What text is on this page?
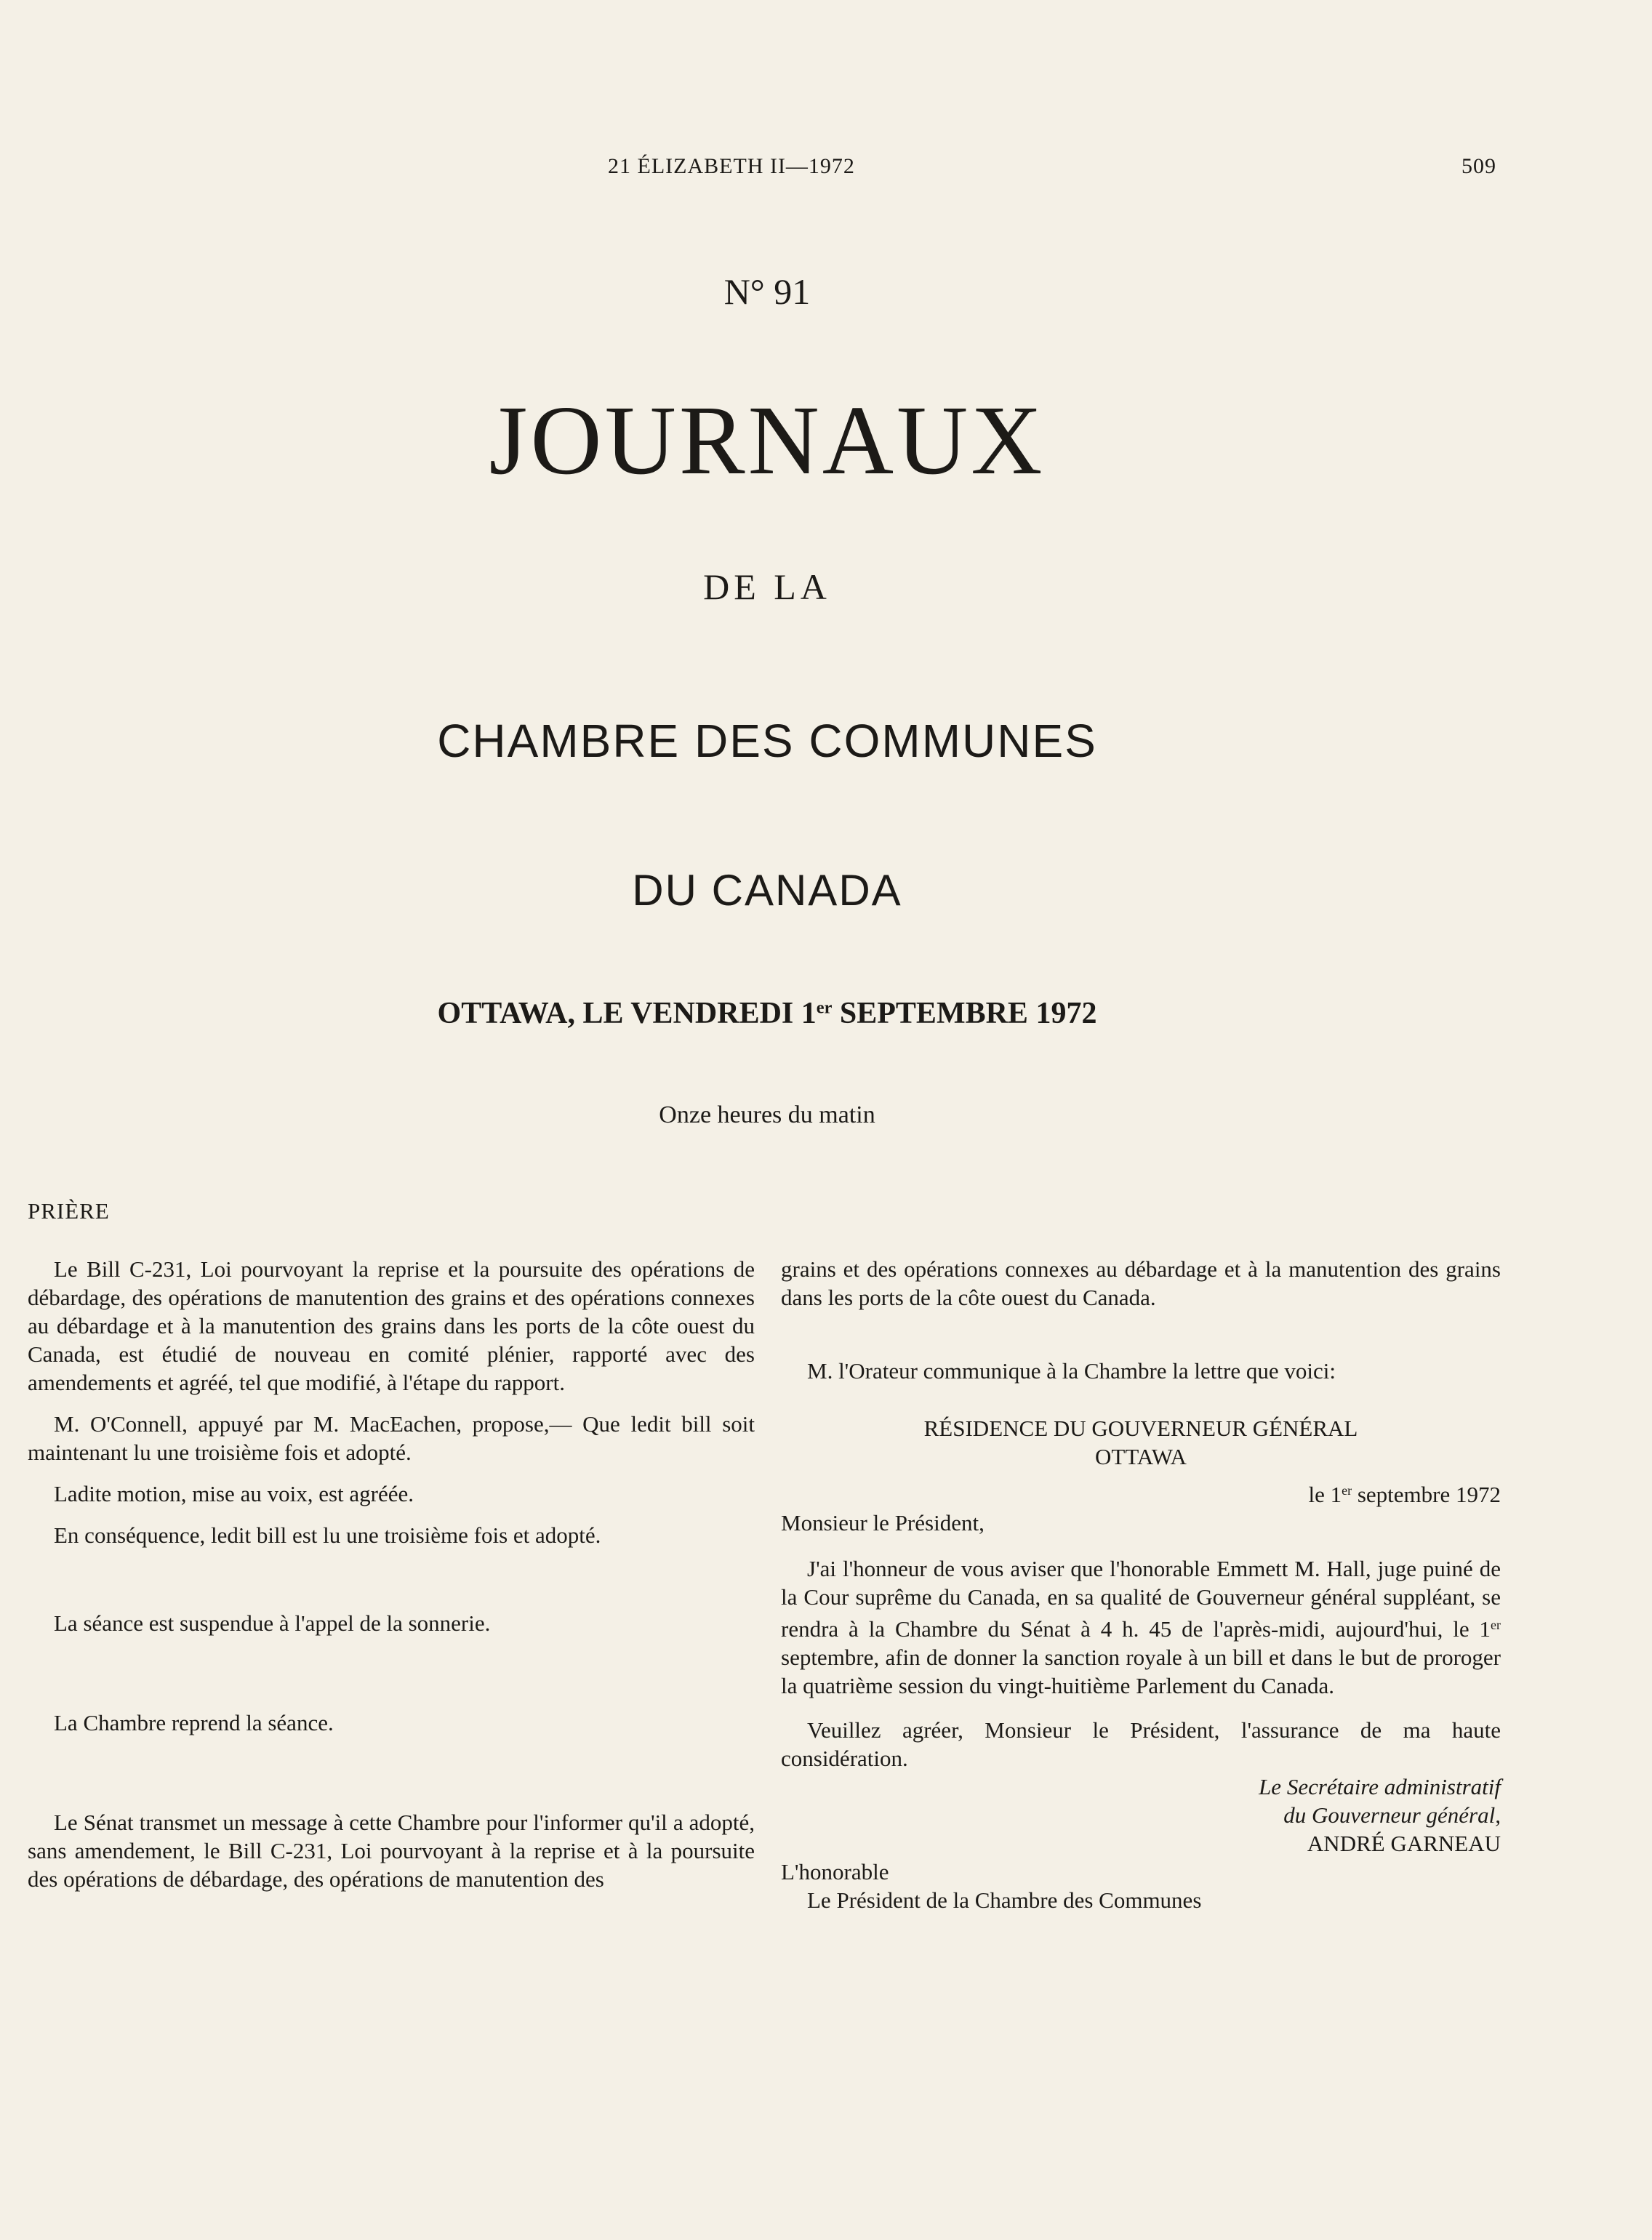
21 ÉLIZABETH II—1972	509
N° 91
JOURNAUX
DE LA
CHAMBRE DES COMMUNES
DU CANADA
OTTAWA, LE VENDREDI 1er SEPTEMBRE 1972
Onze heures du matin
PRIÈRE

Le Bill C-231, Loi pourvoyant la reprise et la poursuite des opérations de débardage, des opérations de manutention des grains et des opérations connexes au débardage et à la manutention des grains dans les ports de la côte ouest du Canada, est étudié de nouveau en comité plénier, rapporté avec des amendements et agréé, tel que modifié, à l'étape du rapport.

M. O'Connell, appuyé par M. MacEachen, propose,— Que ledit bill soit maintenant lu une troisième fois et adopté.

Ladite motion, mise au voix, est agréée.

En conséquence, ledit bill est lu une troisième fois et adopté.

La séance est suspendue à l'appel de la sonnerie.

La Chambre reprend la séance.

Le Sénat transmet un message à cette Chambre pour l'informer qu'il a adopté, sans amendement, le Bill C-231, Loi pourvoyant à la reprise et à la poursuite des opérations de débardage, des opérations de manutention des

grains et des opérations connexes au débardage et à la manutention des grains dans les ports de la côte ouest du Canada.

M. l'Orateur communique à la Chambre la lettre que voici:

RÉSIDENCE DU GOUVERNEUR GÉNÉRAL

OTTAWA

le 1er septembre 1972

Monsieur le Président,

J'ai l'honneur de vous aviser que l'honorable Emmett M. Hall, juge puiné de la Cour suprême du Canada, en sa qualité de Gouverneur général suppléant, se rendra à la Chambre du Sénat à 4 h. 45 de l'après-midi, aujourd'hui, le 1er septembre, afin de donner la sanction royale à un bill et dans le but de proroger la quatrième session du vingt-huitième Parlement du Canada.

Veuillez agréer, Monsieur le Président, l'assurance de ma haute considération.

Le Secrétaire administratif

du Gouverneur général,

ANDRÉ GARNEAU

L'honorable

Le Président de la Chambre des Communes
